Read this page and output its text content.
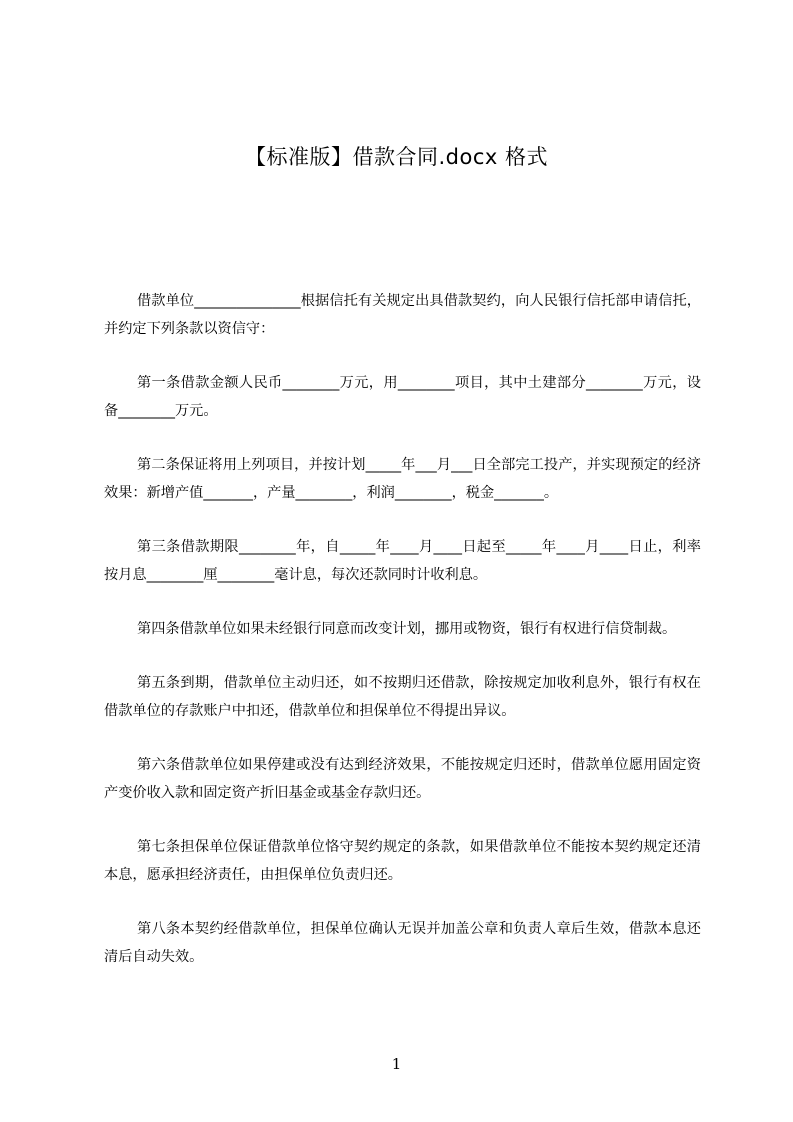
【标准版】借款合同.docx 格式

借款单位_______________根据信托有关规定出具借款契约，向人民银行信托部申请信托，并约定下列条款以资信守：

第一条借款金额人民币________万元，用________项目，其中土建部分________万元，设备________万元。

第二条保证将用上列项目，并按计划_____年___月___日全部完工投产，并实现预定的经济效果：新增产值_______，产量________，利润________，税金_______。

第三条借款期限________年，自_____年____月____日起至_____年____月____日止，利率按月息________厘________毫计息，每次还款同时计收利息。

第四条借款单位如果未经银行同意而改变计划，挪用或物资，银行有权进行信贷制裁。

第五条到期，借款单位主动归还，如不按期归还借款，除按规定加收利息外，银行有权在借款单位的存款账户中扣还，借款单位和担保单位不得提出异议。

第六条借款单位如果停建或没有达到经济效果，不能按规定归还时，借款单位愿用固定资产变价收入款和固定资产折旧基金或基金存款归还。

第七条担保单位保证借款单位恪守契约规定的条款，如果借款单位不能按本契约规定还清本息，愿承担经济责任，由担保单位负责归还。

第八条本契约经借款单位，担保单位确认无误并加盖公章和负责人章后生效，借款本息还清后自动失效。

1
